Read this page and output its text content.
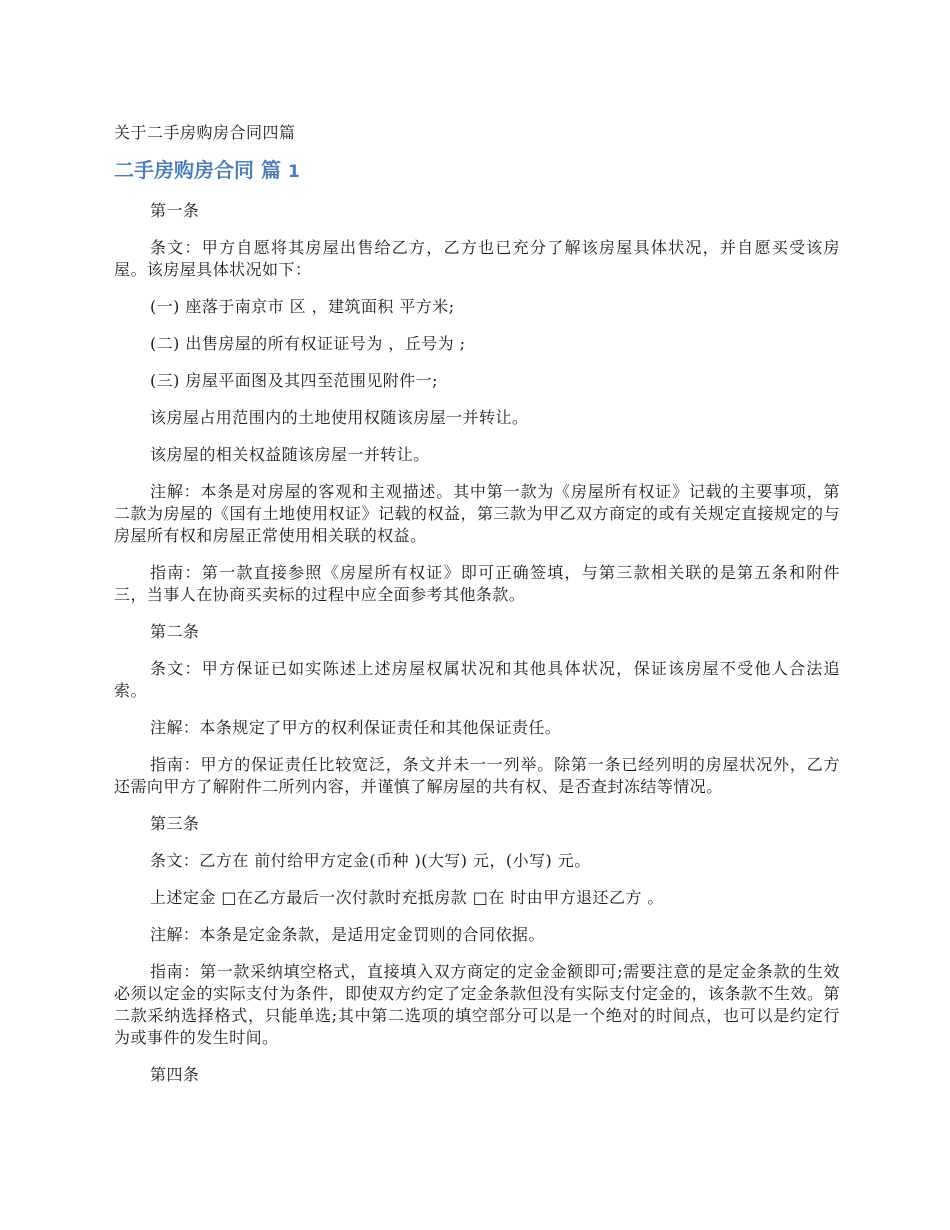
关于二手房购房合同四篇
二手房购房合同 篇 1

第一条

条文：甲方自愿将其房屋出售给乙方，乙方也已充分了解该房屋具体状况，并自愿买受该房屋。该房屋具体状况如下：

(一) 座落于南京市 区 ，建筑面积 平方米;

(二) 出售房屋的所有权证证号为 ，丘号为 ;

(三) 房屋平面图及其四至范围见附件一;

该房屋占用范围内的土地使用权随该房屋一并转让。

该房屋的相关权益随该房屋一并转让。

注解：本条是对房屋的客观和主观描述。其中第一款为《房屋所有权证》记载的主要事项，第二款为房屋的《国有土地使用权证》记载的权益，第三款为甲乙双方商定的或有关规定直接规定的与房屋所有权和房屋正常使用相关联的权益。

指南：第一款直接参照《房屋所有权证》即可正确签填，与第三款相关联的是第五条和附件三，当事人在协商买卖标的过程中应全面参考其他条款。

第二条

条文：甲方保证已如实陈述上述房屋权属状况和其他具体状况，保证该房屋不受他人合法追索。

注解：本条规定了甲方的权利保证责任和其他保证责任。

指南：甲方的保证责任比较宽泛，条文并未一一列举。除第一条已经列明的房屋状况外，乙方还需向甲方了解附件二所列内容，并谨慎了解房屋的共有权、是否查封冻结等情况。

第三条

条文：乙方在 前付给甲方定金(币种 )(大写) 元，(小写) 元。

上述定金 □在乙方最后一次付款时充抵房款 □在 时由甲方退还乙方 。

注解：本条是定金条款，是适用定金罚则的合同依据。

指南：第一款采纳填空格式，直接填入双方商定的定金金额即可;需要注意的是定金条款的生效必须以定金的实际支付为条件，即使双方约定了定金条款但没有实际支付定金的，该条款不生效。第二款采纳选择格式，只能单选;其中第二选项的填空部分可以是一个绝对的时间点，也可以是约定行为或事件的发生时间。

第四条
